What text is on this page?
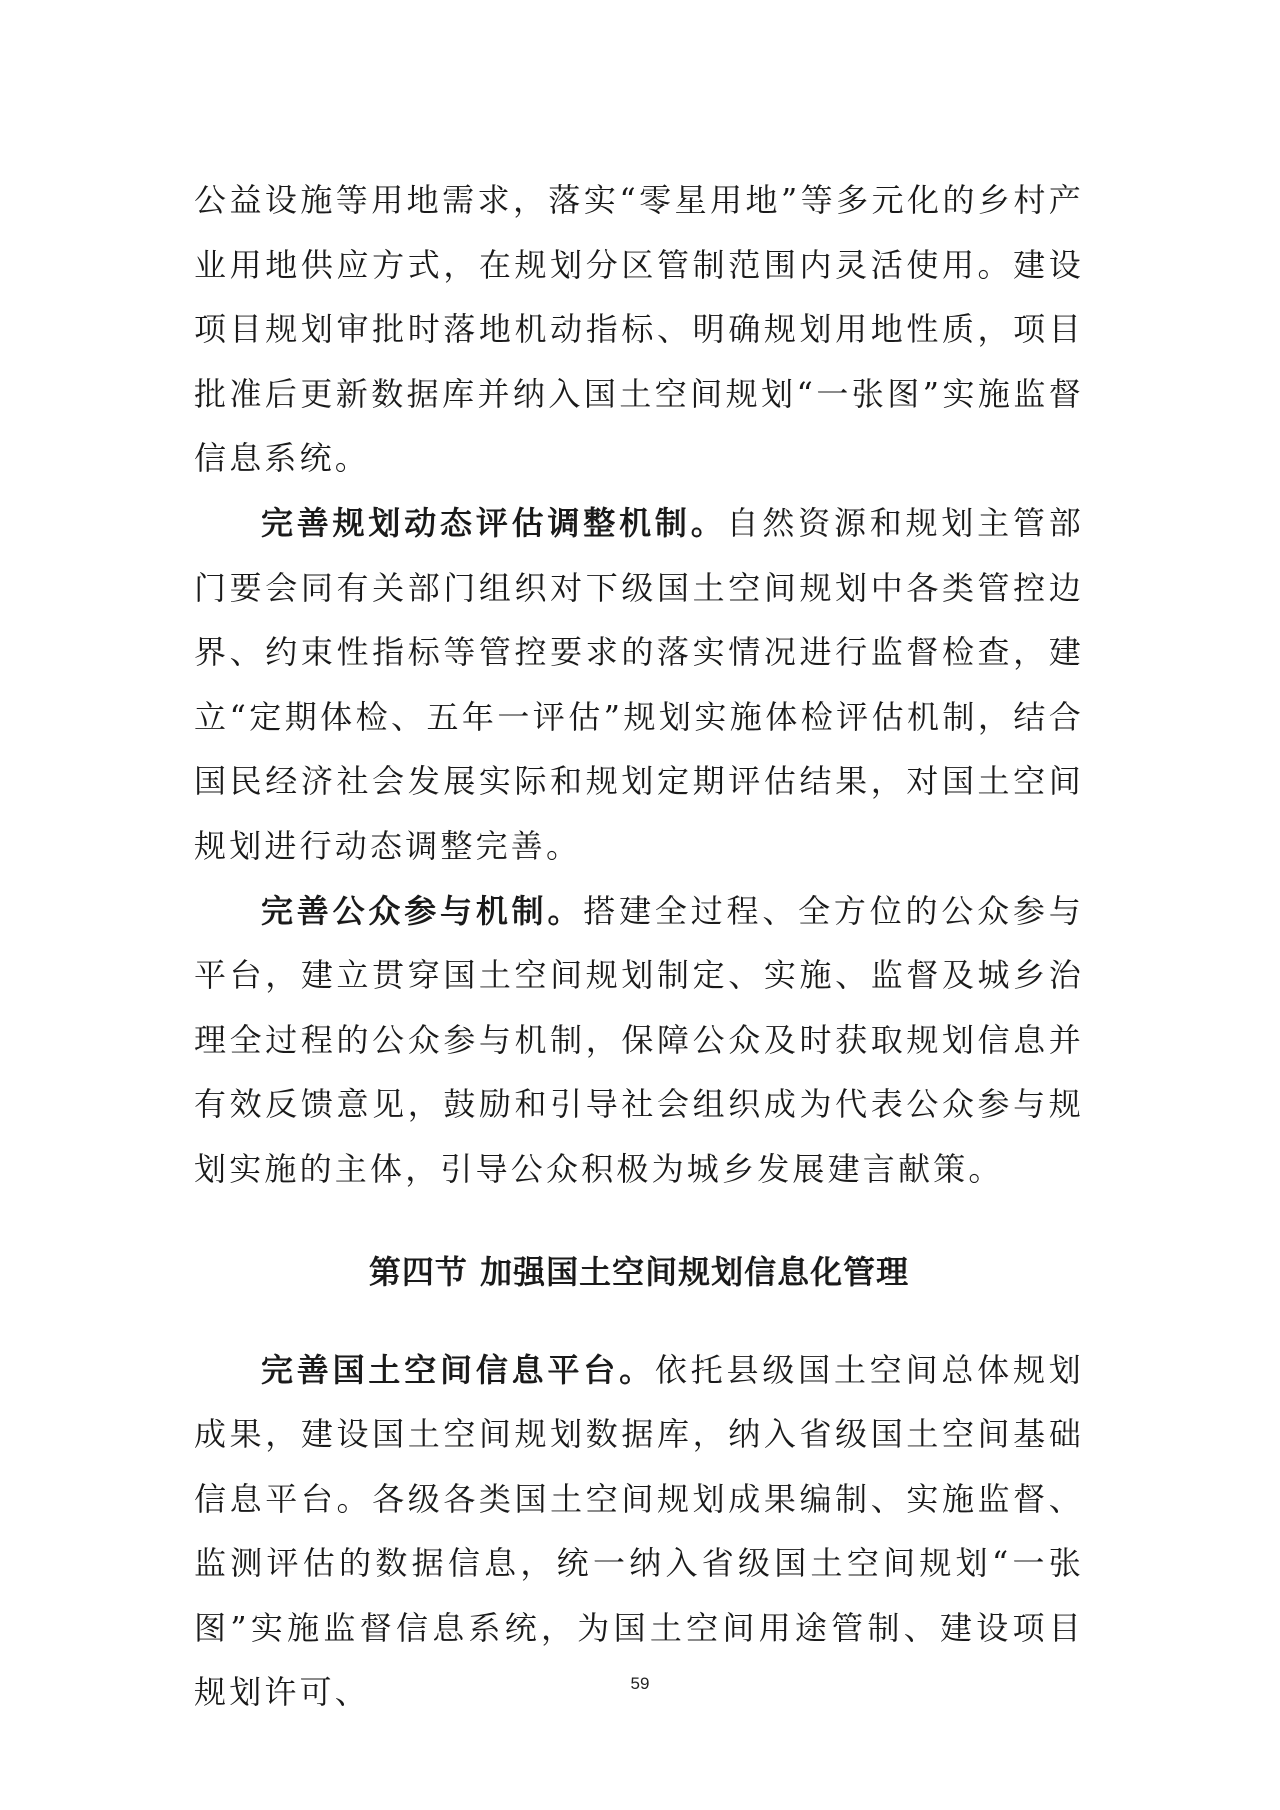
公益设施等用地需求，落实“零星用地”等多元化的乡村产业用地供应方式，在规划分区管制范围内灵活使用。建设项目规划审批时落地机动指标、明确规划用地性质，项目批准后更新数据库并纳入国土空间规划“一张图”实施监督信息系统。

完善规划动态评估调整机制。自然资源和规划主管部门要会同有关部门组织对下级国土空间规划中各类管控边界、约束性指标等管控要求的落实情况进行监督检查，建立“定期体检、五年一评估”规划实施体检评估机制，结合国民经济社会发展实际和规划定期评估结果，对国土空间规划进行动态调整完善。

完善公众参与机制。搭建全过程、全方位的公众参与平台，建立贯穿国土空间规划制定、实施、监督及城乡治理全过程的公众参与机制，保障公众及时获取规划信息并有效反馈意见，鼓励和引导社会组织成为代表公众参与规划实施的主体，引导公众积极为城乡发展建言献策。

第四节 加强国土空间规划信息化管理

完善国土空间信息平台。依托县级国土空间总体规划成果，建设国土空间规划数据库，纳入省级国土空间基础信息平台。各级各类国土空间规划成果编制、实施监督、监测评估的数据信息，统一纳入省级国土空间规划“一张图”实施监督信息系统，为国土空间用途管制、建设项目规划许可、	59
